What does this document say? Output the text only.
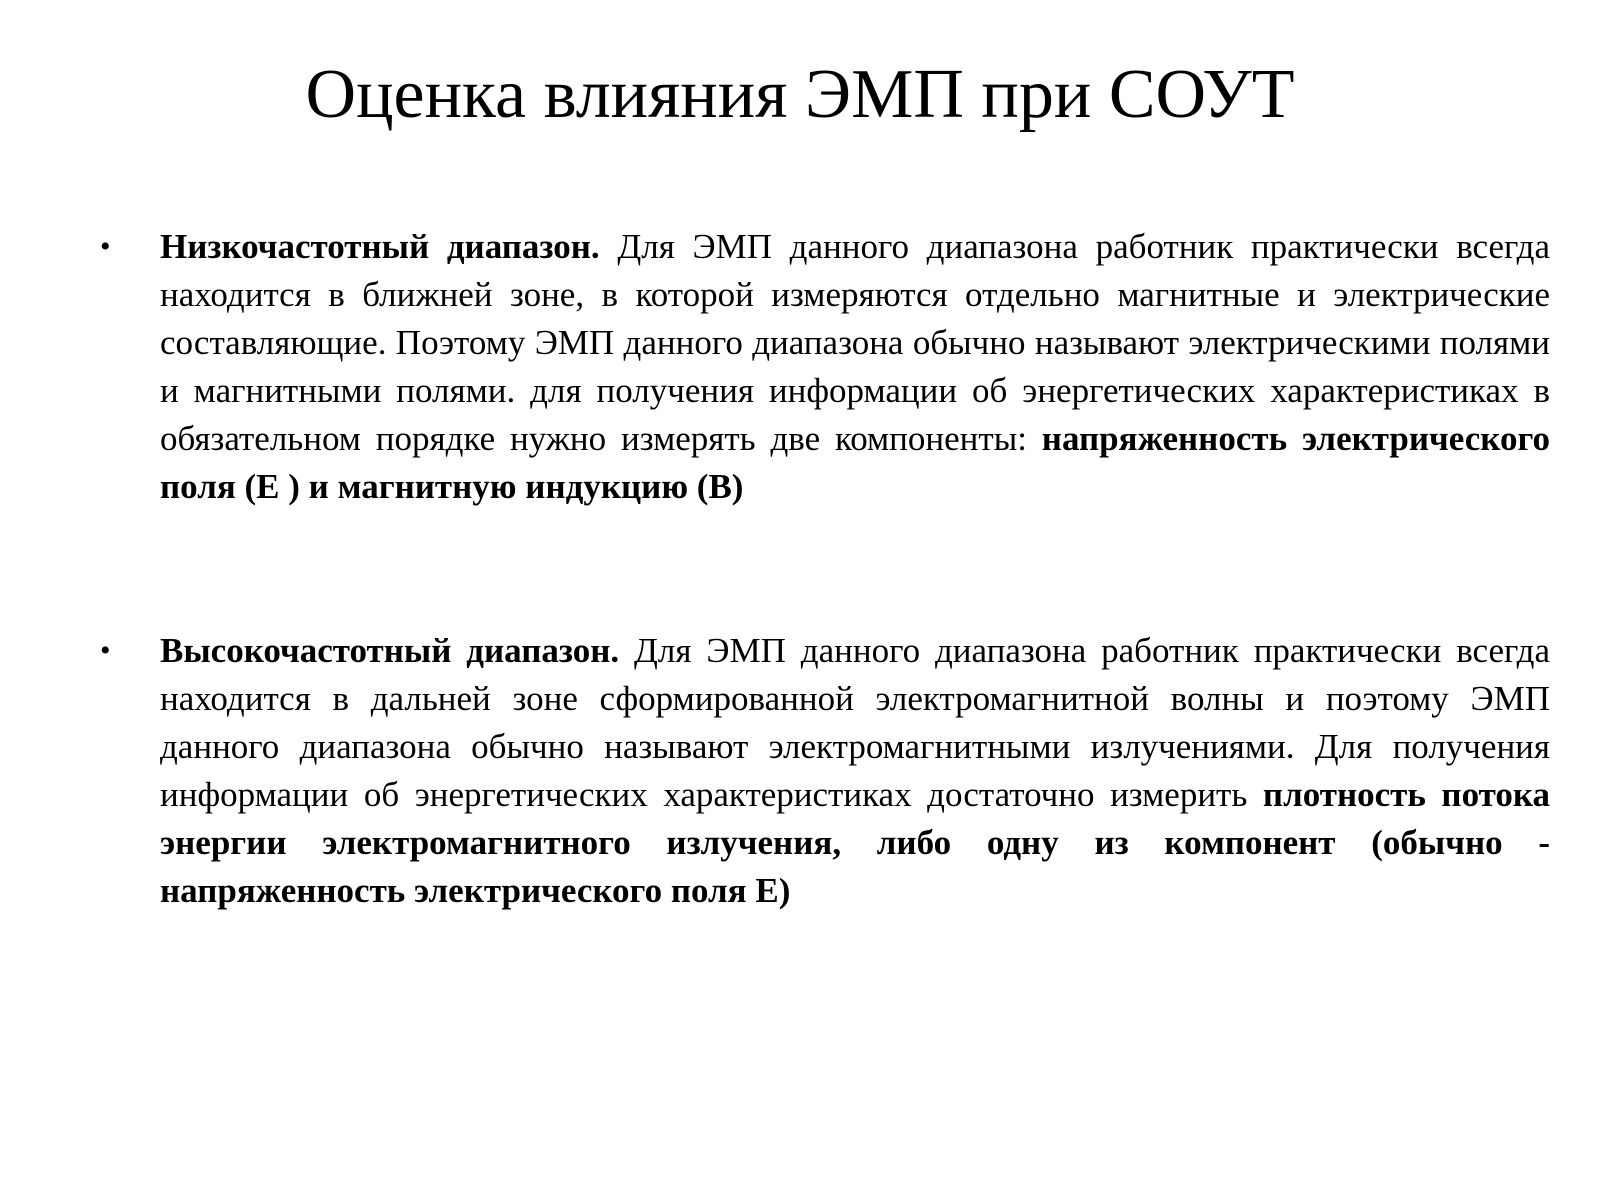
Оценка влияния ЭМП при СОУТ
• Низкочастотный диапазон. Для ЭМП данного диапазона работник практически всегда находится в ближней зоне, в которой измеряются отдельно магнитные и электрические составляющие. Поэтому ЭМП данного диапазона обычно называют электрическими полями и магнитными полями. для получения информации об энергетических характеристиках в обязательном порядке нужно измерять две компоненты: напряженность электрического поля (Е ) и магнитную индукцию (В)
• Высокочастотный диапазон. Для ЭМП данного диапазона работник практически всегда находится в дальней зоне сформированной электромагнитной волны и поэтому ЭМП данного диапазона обычно называют электромагнитными излучениями. Для получения информации об энергетических характеристиках достаточно измерить плотность потока энергии электромагнитного излучения, либо одну из компонент (обычно - напряженность электрического поля Е)
